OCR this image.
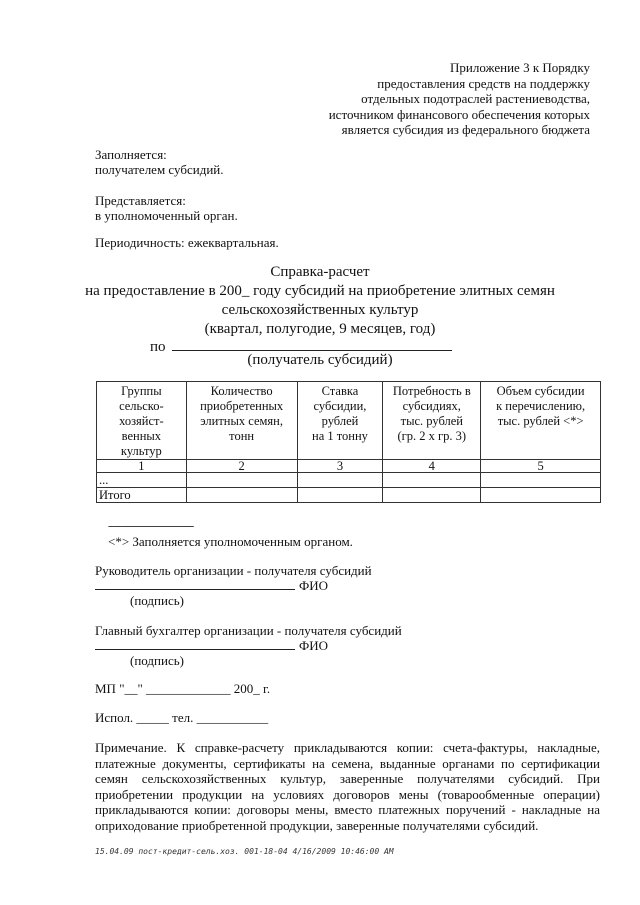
Приложение 3 к Порядку
предоставления средств на поддержку
отдельных подотраслей растениеводства,
источником финансового обеспечения которых
является субсидия из федерального бюджета
Заполняется:
получателем субсидий.
Представляется:
в уполномоченный орган.
Периодичность: ежеквартальная.
Справка-расчет
на предоставление в 200_ году субсидий на приобретение элитных семян
сельскохозяйственных культур
(квартал, полугодие, 9 месяцев, год)
по
(получатель субсидий)
Группы
сельско-
хозяйст-
венных
культур

Количество
приобретенных
элитных семян,
тонн

Ставка
субсидии,
рублей
на 1 тонну

Потребность в
субсидиях,
тыс. рублей
(гр. 2 x гр. 3)

Объем субсидии
к перечислению,
тыс. рублей <*>

1	2	3	4	5
...				
Итого				
--------------------------------
<*> Заполняется уполномоченным органом.
Руководитель организации - получателя субсидий
ФИО
(подпись)
Главный бухгалтер организации - получателя субсидий
ФИО
(подпись)
МП "__" _____________ 200_ г.
Испол. _____ тел. ___________
Примечание. К справке-расчету прикладываются копии: счета-фактуры, накладные, платежные документы, сертификаты на семена, выданные органами по сертификации семян сельскохозяйственных культур, заверенные получателями субсидий. При приобретении продукции на условиях договоров мены (товарообменные операции) прикладываются копии: договоры мены, вместо платежных поручений - накладные на оприходование приобретенной продукции, заверенные получателями субсидий.
15.04.09 пост-кредит-сель.хоз. 001-18-04 4/16/2009 10:46:00 AM
